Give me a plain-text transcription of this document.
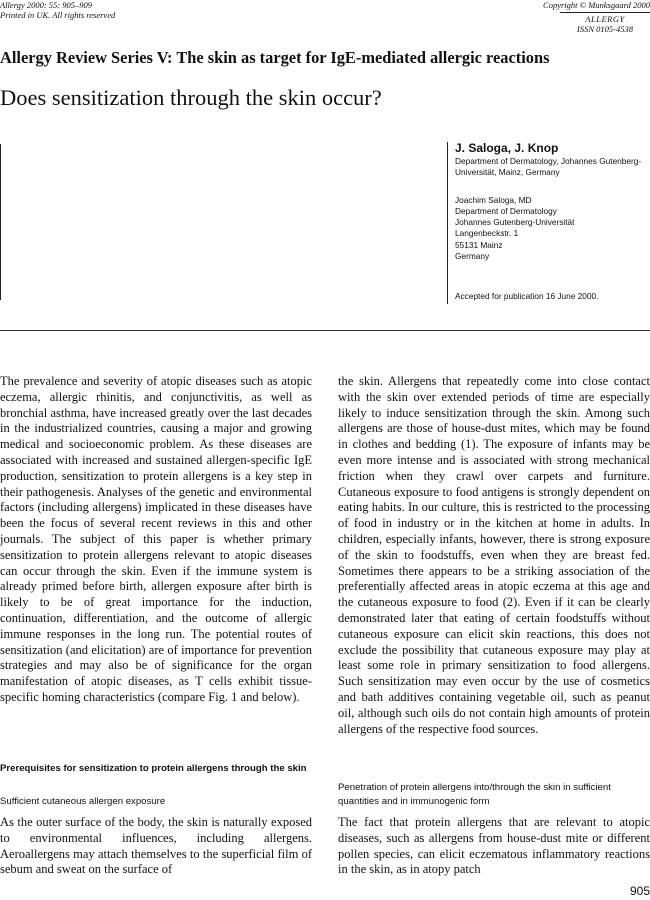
Allergy 2000: 55: 905–909
Printed in UK. All rights reserved
Copyright © Munksgaard 2000
ALLERGY
ISSN 0105-4538
Allergy Review Series V: The skin as target for IgE-mediated allergic reactions
Does sensitization through the skin occur?
J. Saloga, J. Knop
Department of Dermatology, Johannes Gutenberg-
Universität, Mainz, Germany
Joachim Saloga, MD
Department of Dermatology
Johannes Gutenberg-Universität
Langenbeckstr. 1
55131 Mainz
Germany
Accepted for publication 16 June 2000.

The prevalence and severity of atopic diseases such as atopic eczema, allergic rhinitis, and conjunctivitis, as well as bronchial asthma, have increased greatly over the last decades in the industrialized countries, causing a major and growing medical and socioeconomic problem. As these diseases are associated with increased and sustained allergen-specific IgE production, sensitization to protein allergens is a key step in their pathogenesis. Analyses of the genetic and environmental factors (including allergens) implicated in these diseases have been the focus of several recent reviews in this and other journals. The subject of this paper is whether primary sensitization to protein allergens relevant to atopic diseases can occur through the skin. Even if the immune system is already primed before birth, allergen exposure after birth is likely to be of great importance for the induction, continuation, differentiation, and the outcome of allergic immune responses in the long run. The potential routes of sensitization (and elicitation) are of importance for prevention strategies and may also be of significance for the organ manifestation of atopic diseases, as T cells exhibit tissue-specific homing characteristics (compare Fig. 1 and below).

Prerequisites for sensitization to protein allergens through the skin
Sufficient cutaneous allergen exposure

As the outer surface of the body, the skin is naturally exposed to environmental influences, including allergens. Aeroallergens may attach themselves to the superficial film of sebum and sweat on the surface of

the skin. Allergens that repeatedly come into close contact with the skin over extended periods of time are especially likely to induce sensitization through the skin. Among such allergens are those of house-dust mites, which may be found in clothes and bedding (1). The exposure of infants may be even more intense and is associated with strong mechanical friction when they crawl over carpets and furniture. Cutaneous exposure to food antigens is strongly dependent on eating habits. In our culture, this is restricted to the processing of food in industry or in the kitchen at home in adults. In children, especially infants, however, there is strong exposure of the skin to foodstuffs, even when they are breast fed. Sometimes there appears to be a striking association of the preferentially affected areas in atopic eczema at this age and the cutaneous exposure to food (2). Even if it can be clearly demonstrated later that eating of certain foodstuffs without cutaneous exposure can elicit skin reactions, this does not exclude the possibility that cutaneous exposure may play at least some role in primary sensitization to food allergens. Such sensitization may even occur by the use of cosmetics and bath additives containing vegetable oil, such as peanut oil, although such oils do not contain high amounts of protein allergens of the respective food sources.

Penetration of protein allergens into/through the skin in sufficient quantities and in immunogenic form

The fact that protein allergens that are relevant to atopic diseases, such as allergens from house-dust mite or different pollen species, can elicit eczematous inflammatory reactions in the skin, as in atopy patch

905
